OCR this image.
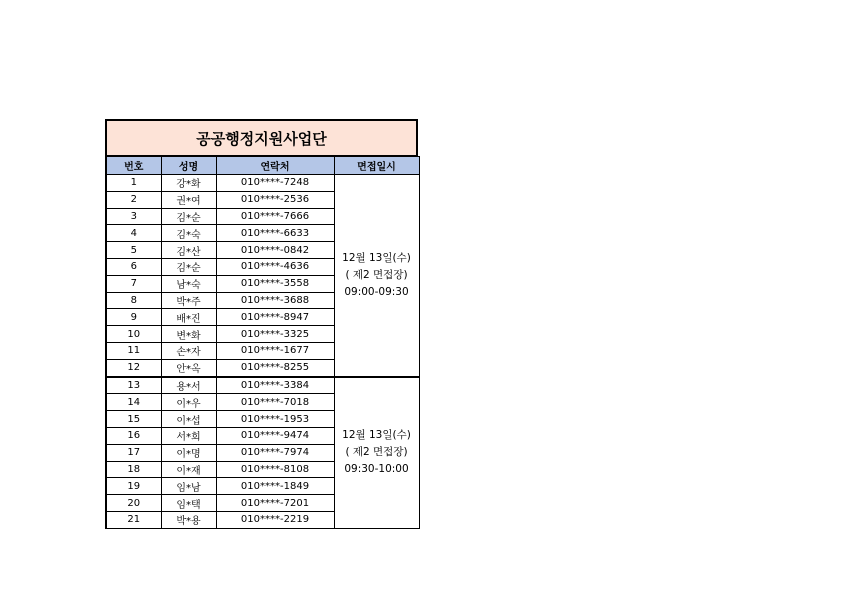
공공행정지원사업단
번호	성명	연락처	면접일시
1	강*화	010****-7248	12월 13일(수)
( 제2 면접장)
09:00-09:30

2	권*여	010****-2536	
3	김*순	010****-7666	
4	김*숙	010****-6633	
5	김*산	010****-0842	
6	김*순	010****-4636	
7	남*숙	010****-3558	
8	박*주	010****-3688	
9	배*진	010****-8947	
10	변*화	010****-3325	
11	손*자	010****-1677	
12	안*옥	010****-8255	
13	용*서	010****-3384	12월 13일(수)
( 제2 면접장)
09:30-10:00

14	이*우	010****-7018	
15	이*섭	010****-1953	
16	서*희	010****-9474	
17	이*명	010****-7974	
18	이*재	010****-8108	
19	임*남	010****-1849	
20	임*택	010****-7201	
21	박*용	010****-2219	
